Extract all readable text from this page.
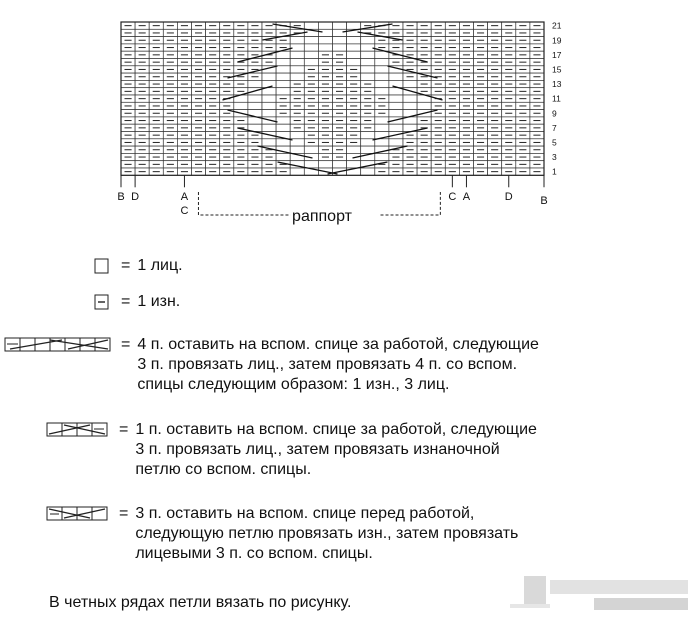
21
19
17
15
13
11
9
7
5
3
1
B D	A
C
C A	D	B
раппорт
= 1 лиц.
= 1 изн.
= 4 п. оставить на вспом. спице за работой, следующие
3 п. провязать лиц., затем провязать 4 п. со вспом.
спицы следующим образом: 1 изн., 3 лиц.
= 1 п. оставить на вспом. спице за работой, следующие
3 п. провязать лиц., затем провязать изнаночной
петлю со вспом. спицы.
= 3 п. оставить на вспом. спице перед работой,
следующую петлю провязать изн., затем провязать
лицевыми 3 п. со вспом. спицы.
В четных рядах петли вязать по рисунку.
